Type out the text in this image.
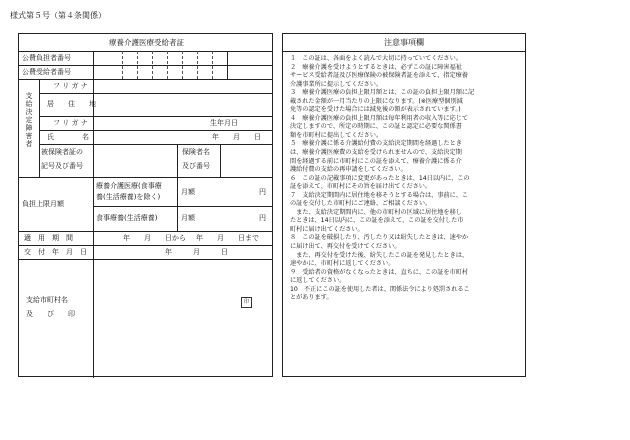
様式第５号（第４条関係）
療養介護医療受給者証
公費負担者番号
公費受給者番号
支給決定障害者
フ リ ガ ナ
居　　住　　地
フ リ ガ ナ	生年月日
氏　　　　名	年　　月　　日
被保険者証の
記号及び番号
保険者名
及び番号
負担上限月額
療養介護医療(食事療
養(生活療養)を除く)
月額	円
食事療養(生活療養)	月額	円
適　用　期　間	年　　月　　日から 年　　月　　日まで
交　付　年　月　日	年　　　月　　　日
支給市町村名
及　　び　　印
印
注意事項欄
１　この証は、各面をよく読んで大切に持っていてください。
２　療養介護を受けようとするときは、必ずこの証に障害福祉
サービス受給者証及び医療保険の被保険者証を添えて、指定療養
介護事業所に提示してください。
３　療養介護医療の負担上限月額とは、この証の負担上限月額に記
載された金額が一月当たりの上限になります。(※医療型個別減
免等の認定を受けた場合には減免後の額が表示されています。)
４　療養介護医療の負担上限月額は毎年利用者の収入等に応じて
決定しますので、所定の時期に、この証と認定に必要な関係書
類を市町村に提出してください。
５　療養介護に係る介護給付費の支給決定期間を経過したとき
は、療養介護医療費の支給を受けられませんので、支給決定期
間を経過する前に市町村にこの証を添えて、療養介護に係る介
護給付費の支給の再申請をしてください。
６　この証の記載事項に変更があったときは、14日以内に、この
証を添えて、市町村にその旨を届け出てください。
７　支給決定期間内に居住地を移そうとする場合は、事前に、こ
の証を交付した市町村にご連絡、ご相談ください。
　また、支給決定期間内に、他の市町村の区域に居住地を移し
たときは、14日以内に、この証を添えて、この証を交付した市
町村に届け出てください。
８　この証を破損したり、汚したり又は紛失したときは、速やか
に届け出て、再交付を受けてください。
　また、再交付を受けた後、紛失したこの証を発見したときは、
速やかに、市町村に返してください。
９　受給者の資格がなくなったときは、直ちに、この証を市町村
に返してください。
10　不正にこの証を使用した者は、関係法令により処罰されるこ
とがあります。
